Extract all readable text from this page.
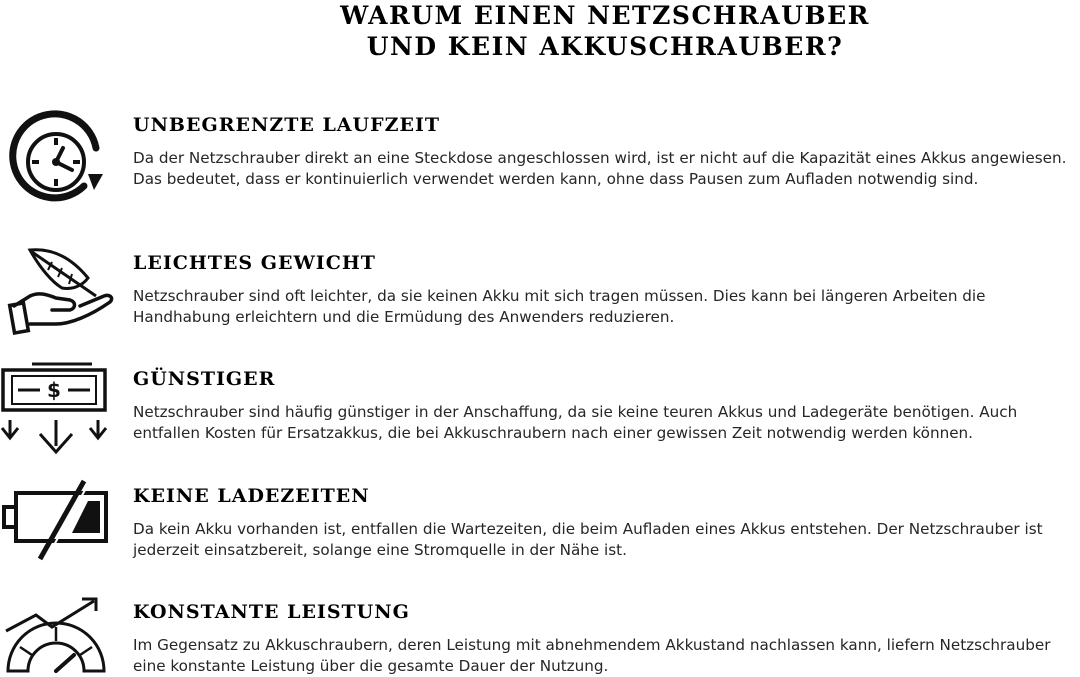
WARUM EINEN NETZSCHRAUBER
UND KEIN AKKUSCHRAUBER?
UNBEGRENZTE LAUFZEIT

Da der Netzschrauber direkt an eine Steckdose angeschlossen wird, ist er nicht auf die Kapazität eines Akkus angewiesen. Das bedeutet, dass er kontinuierlich verwendet werden kann, ohne dass Pausen zum Aufladen notwendig sind.

LEICHTES GEWICHT

Netzschrauber sind oft leichter, da sie keinen Akku mit sich tragen müssen. Dies kann bei längeren Arbeiten die Handhabung erleichtern und die Ermüdung des Anwenders reduzieren.

$	GÜNSTIGER

Netzschrauber sind häufig günstiger in der Anschaffung, da sie keine teuren Akkus und Ladegeräte benötigen. Auch entfallen Kosten für Ersatzakkus, die bei Akkuschraubern nach einer gewissen Zeit notwendig werden können.

KEINE LADEZEITEN

Da kein Akku vorhanden ist, entfallen die Wartezeiten, die beim Aufladen eines Akkus entstehen. Der Netzschrauber ist jederzeit einsatzbereit, solange eine Stromquelle in der Nähe ist.

KONSTANTE LEISTUNG

Im Gegensatz zu Akkuschraubern, deren Leistung mit abnehmendem Akkustand nachlassen kann, liefern Netzschrauber eine konstante Leistung über die gesamte Dauer der Nutzung.
